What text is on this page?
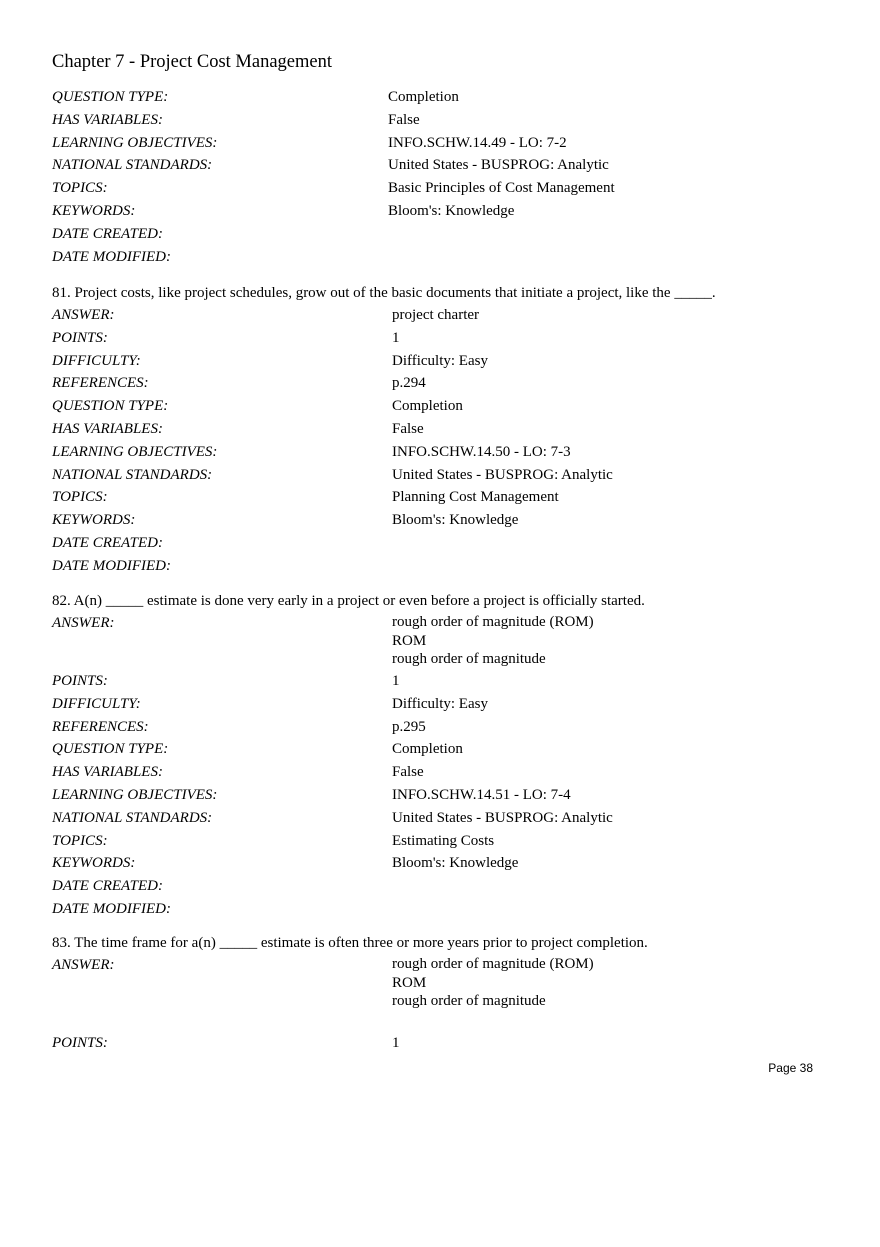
Chapter 7 - Project Cost Management
QUESTION TYPE:	Completion
HAS VARIABLES:	False
LEARNING OBJECTIVES:	INFO.SCHW.14.49 - LO: 7-2
NATIONAL STANDARDS:	United States - BUSPROG: Analytic
TOPICS:	Basic Principles of Cost Management
KEYWORDS:	Bloom's: Knowledge
DATE CREATED:
DATE MODIFIED:
81. Project costs, like project schedules, grow out of the basic documents that initiate a project, like the _____.
ANSWER:	project charter
POINTS:	1
DIFFICULTY:	Difficulty: Easy
REFERENCES:	p.294
QUESTION TYPE:	Completion
HAS VARIABLES:	False
LEARNING OBJECTIVES:	INFO.SCHW.14.50 - LO: 7-3
NATIONAL STANDARDS:	United States - BUSPROG: Analytic
TOPICS:	Planning Cost Management
KEYWORDS:	Bloom's: Knowledge
DATE CREATED:
DATE MODIFIED:
82. A(n) _____ estimate is done very early in a project or even before a project is officially started.
ANSWER:	rough order of magnitude (ROM)
ROM
rough order of magnitude
POINTS:	1
DIFFICULTY:	Difficulty: Easy
REFERENCES:	p.295
QUESTION TYPE:	Completion
HAS VARIABLES:	False
LEARNING OBJECTIVES:	INFO.SCHW.14.51 - LO: 7-4
NATIONAL STANDARDS:	United States - BUSPROG: Analytic
TOPICS:	Estimating Costs
KEYWORDS:	Bloom's: Knowledge
DATE CREATED:
DATE MODIFIED:
83. The time frame for a(n) _____ estimate is often three or more years prior to project completion.
ANSWER:	rough order of magnitude (ROM)
ROM
rough order of magnitude
POINTS:	1
Page 38
